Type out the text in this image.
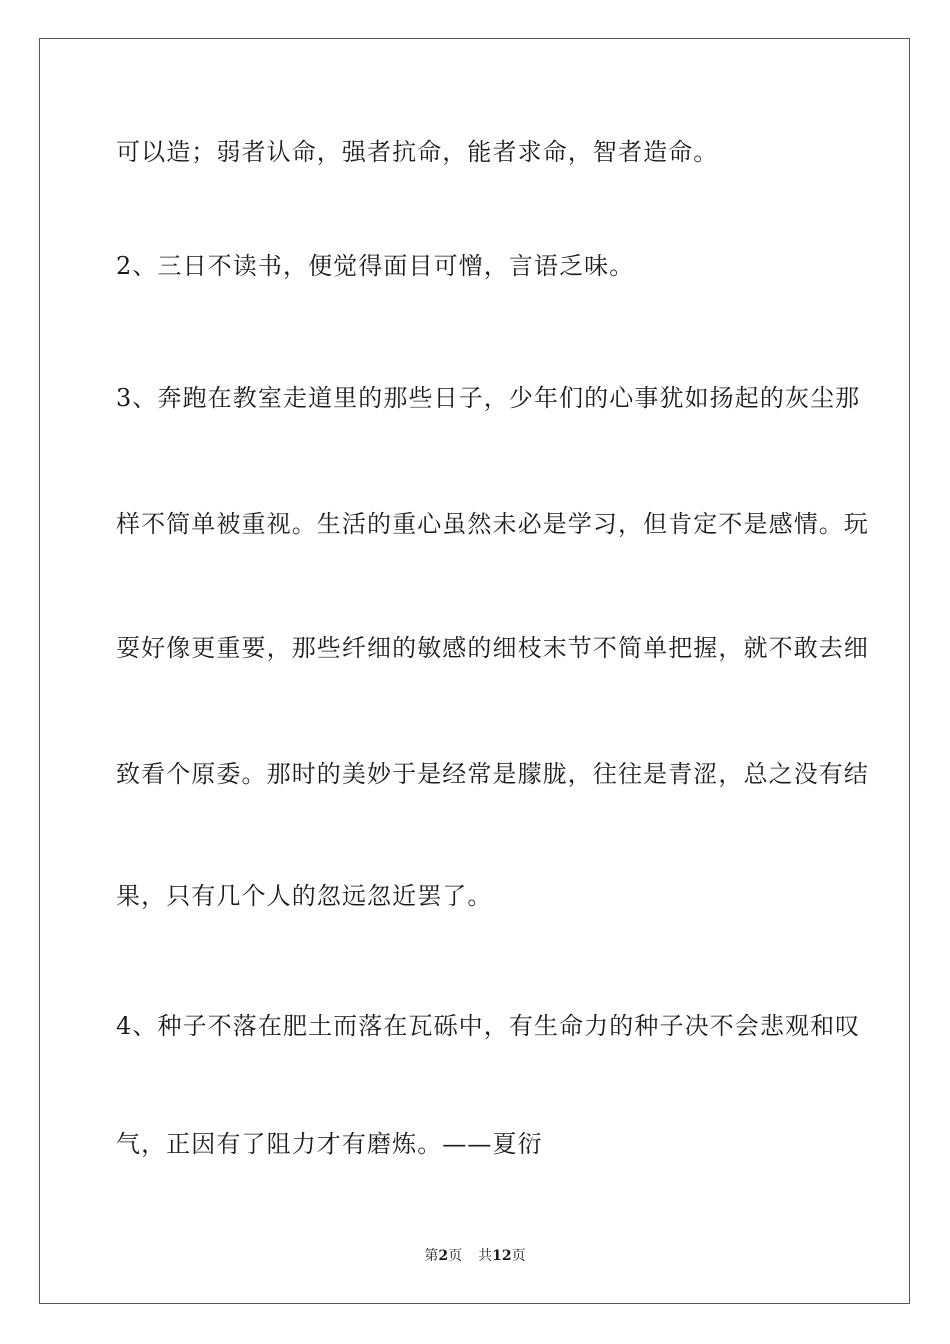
可以造；弱者认命，强者抗命，能者求命，智者造命。
2、三日不读书，便觉得面目可憎，言语乏味。
3、奔跑在教室走道里的那些日子，少年们的心事犹如扬起的灰尘那
样不简单被重视。生活的重心虽然未必是学习，但肯定不是感情。玩
耍好像更重要，那些纤细的敏感的细枝末节不简单把握，就不敢去细
致看个原委。那时的美妙于是经常是朦胧，往往是青涩，总之没有结
果，只有几个人的忽远忽近罢了。
4、种子不落在肥土而落在瓦砾中，有生命力的种子决不会悲观和叹
气，正因有了阻力才有磨炼。——夏衍
第2页 共12页
